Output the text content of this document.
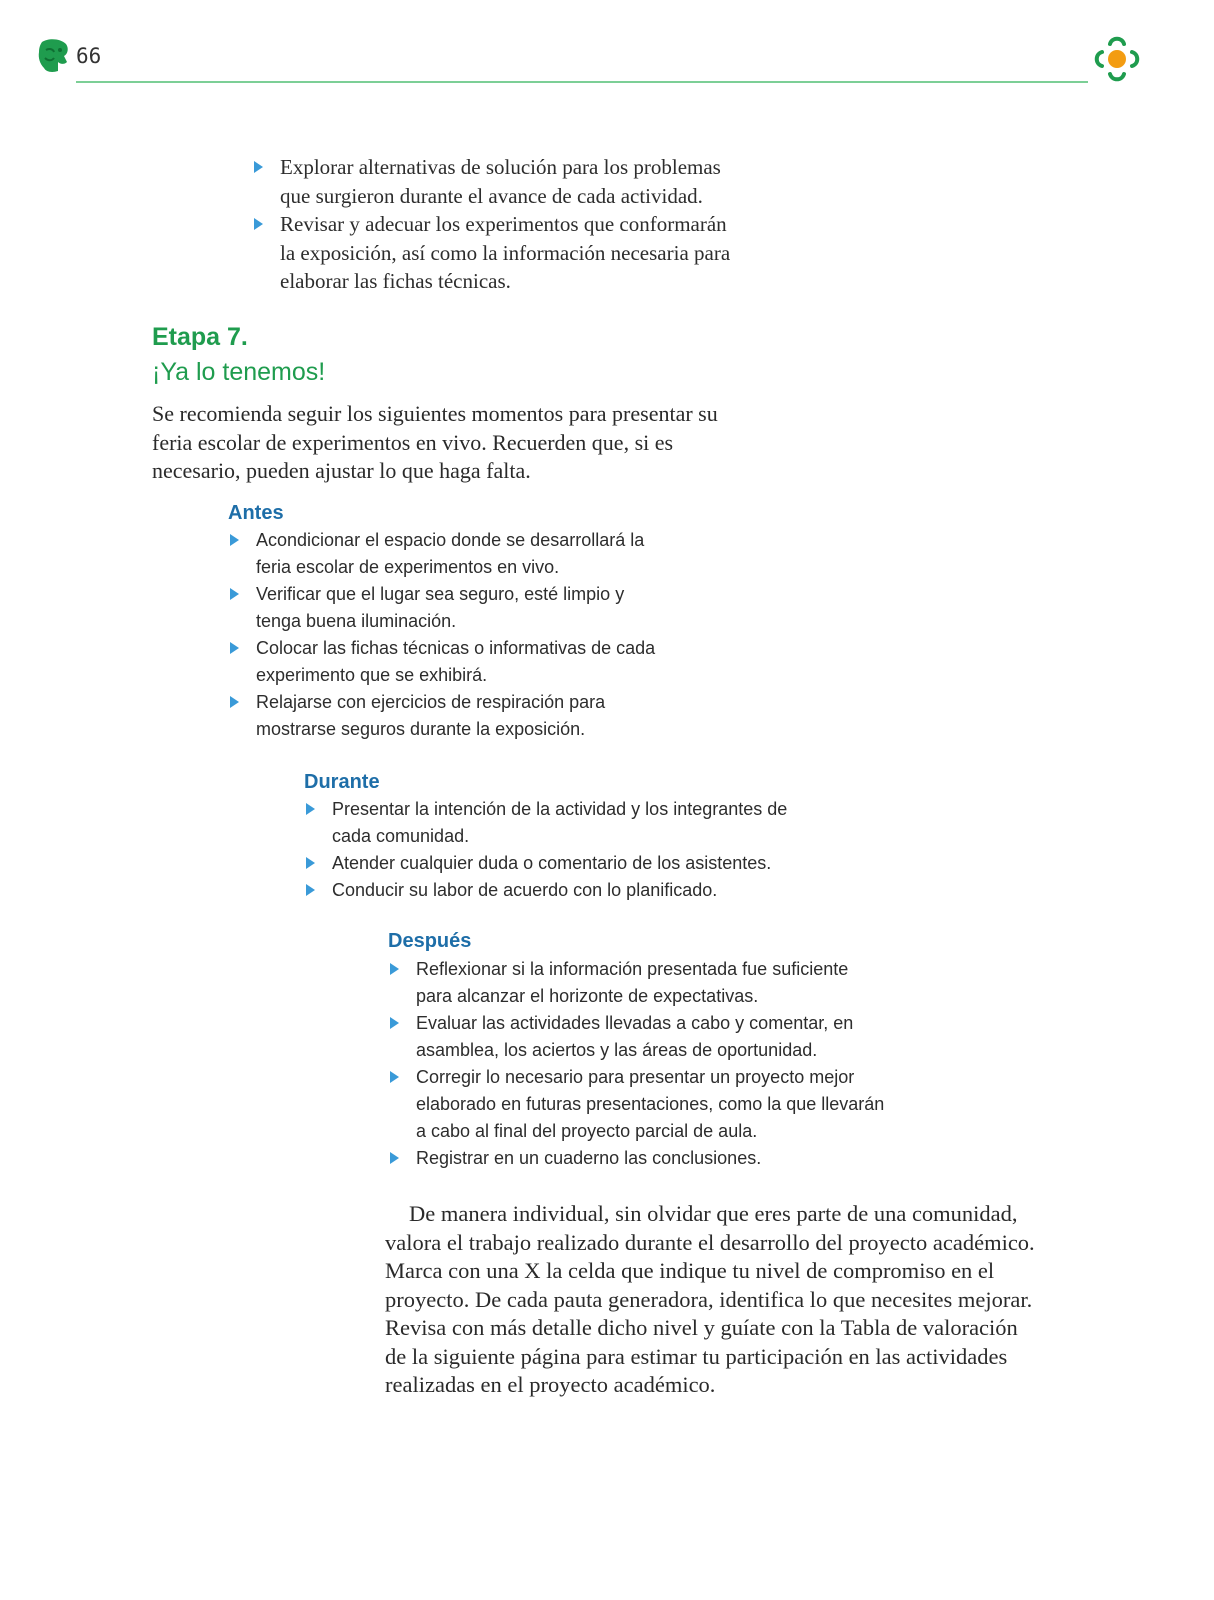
66
Explorar alternativas de solución para los problemas que surgieron durante el avance de cada actividad.
Revisar y adecuar los experimentos que conformarán la exposición, así como la información necesaria para elaborar las fichas técnicas.
Etapa 7.
¡Ya lo tenemos!

Se recomienda seguir los siguientes momentos para presentar su feria escolar de experimentos en vivo. Recuerden que, si es necesario, pueden ajustar lo que haga falta.

Antes
Acondicionar el espacio donde se desarrollará la feria escolar de experimentos en vivo.
Verificar que el lugar sea seguro, esté limpio y tenga buena iluminación.
Colocar las fichas técnicas o informativas de cada experimento que se exhibirá.
Relajarse con ejercicios de respiración para mostrarse seguros durante la exposición.
Durante
Presentar la intención de la actividad y los integrantes de cada comunidad.
Atender cualquier duda o comentario de los asistentes.
Conducir su labor de acuerdo con lo planificado.
Después
Reflexionar si la información presentada fue suficiente para alcanzar el horizonte de expectativas.
Evaluar las actividades llevadas a cabo y comentar, en asamblea, los aciertos y las áreas de oportunidad.
Corregir lo necesario para presentar un proyecto mejor elaborado en futuras presentaciones, como la que llevarán a cabo al final del proyecto parcial de aula.
Registrar en un cuaderno las conclusiones.

De manera individual, sin olvidar que eres parte de una comunidad, valora el trabajo realizado durante el desarrollo del proyecto académico. Marca con una X la celda que indique tu nivel de compromiso en el proyecto. De cada pauta generadora, identifica lo que necesites mejorar. Revisa con más detalle dicho nivel y guíate con la Tabla de valoración de la siguiente página para estimar tu participación en las actividades realizadas en el proyecto académico.
